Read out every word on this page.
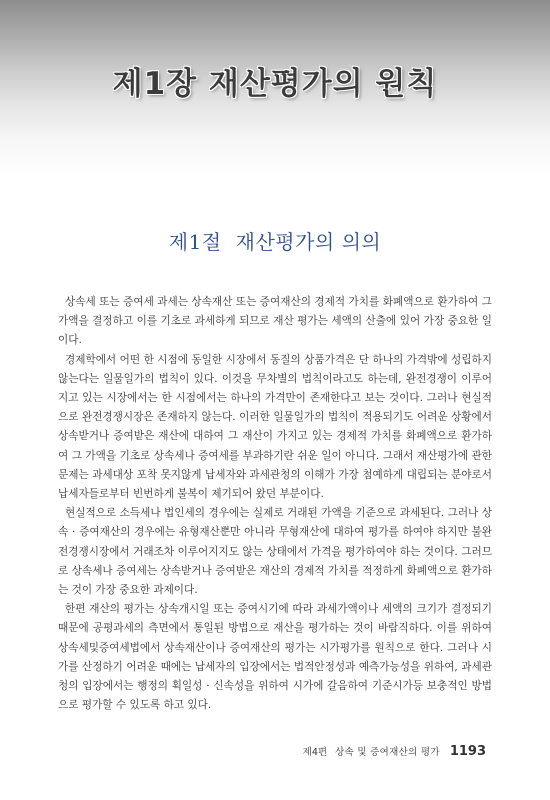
제1장 재산평가의 원칙
제1절 재산평가의 의의

상속세 또는 증여세 과세는 상속재산 또는 증여재산의 경제적 가치를 화폐액으로 환가하여 그 가액을 결정하고 이를 기초로 과세하게 되므로 재산 평가는 세액의 산출에 있어 가장 중요한 일이다.

경제학에서 어떤 한 시점에 동일한 시장에서 동질의 상품가격은 단 하나의 가격밖에 성립하지 않는다는 일물일가의 법칙이 있다. 이것을 무차별의 법칙이라고도 하는데, 완전경쟁이 이루어지고 있는 시장에서는 한 시점에서는 하나의 가격만이 존재한다고 보는 것이다. 그러나 현실적으로 완전경쟁시장은 존재하지 않는다. 이러한 일물일가의 법칙이 적용되기도 어려운 상황에서 상속받거나 증여받은 재산에 대하여 그 재산이 가지고 있는 경제적 가치를 화폐액으로 환가하여 그 가액을 기초로 상속세나 증여세를 부과하기란 쉬운 일이 아니다. 그래서 재산평가에 관한 문제는 과세대상 포착 못지않게 납세자와 과세관청의 이해가 가장 첨예하게 대립되는 분야로서 납세자들로부터 빈번하게 불복이 제기되어 왔던 부분이다.

현실적으로 소득세나 법인세의 경우에는 실제로 거래된 가액을 기준으로 과세된다. 그러나 상속 · 증여재산의 경우에는 유형재산뿐만 아니라 무형재산에 대하여 평가를 하여야 하지만 불완전경쟁시장에서 거래조차 이루어지지도 않는 상태에서 가격을 평가하여야 하는 것이다. 그러므로 상속세나 증여세는 상속받거나 증여받은 재산의 경제적 가치를 적정하게 화폐액으로 환가하는 것이 가장 중요한 과제이다.

한편 재산의 평가는 상속개시일 또는 증여시기에 따라 과세가액이나 세액의 크기가 결정되기 때문에 공평과세의 측면에서 통일된 방법으로 재산을 평가하는 것이 바람직하다. 이를 위하여 상속세및증여세법에서 상속재산이나 증여재산의 평가는 시가평가를 원칙으로 한다. 그러나 시가를 산정하기 어려운 때에는 납세자의 입장에서는 법적안정성과 예측가능성을 위하여, 과세관청의 입장에서는 행정의 획일성 · 신속성을 위하여 시가에 갈음하여 기준시가등 보충적인 방법으로 평가할 수 있도록 하고 있다.

제4편 상속 및 증여재산의 평가 1193
